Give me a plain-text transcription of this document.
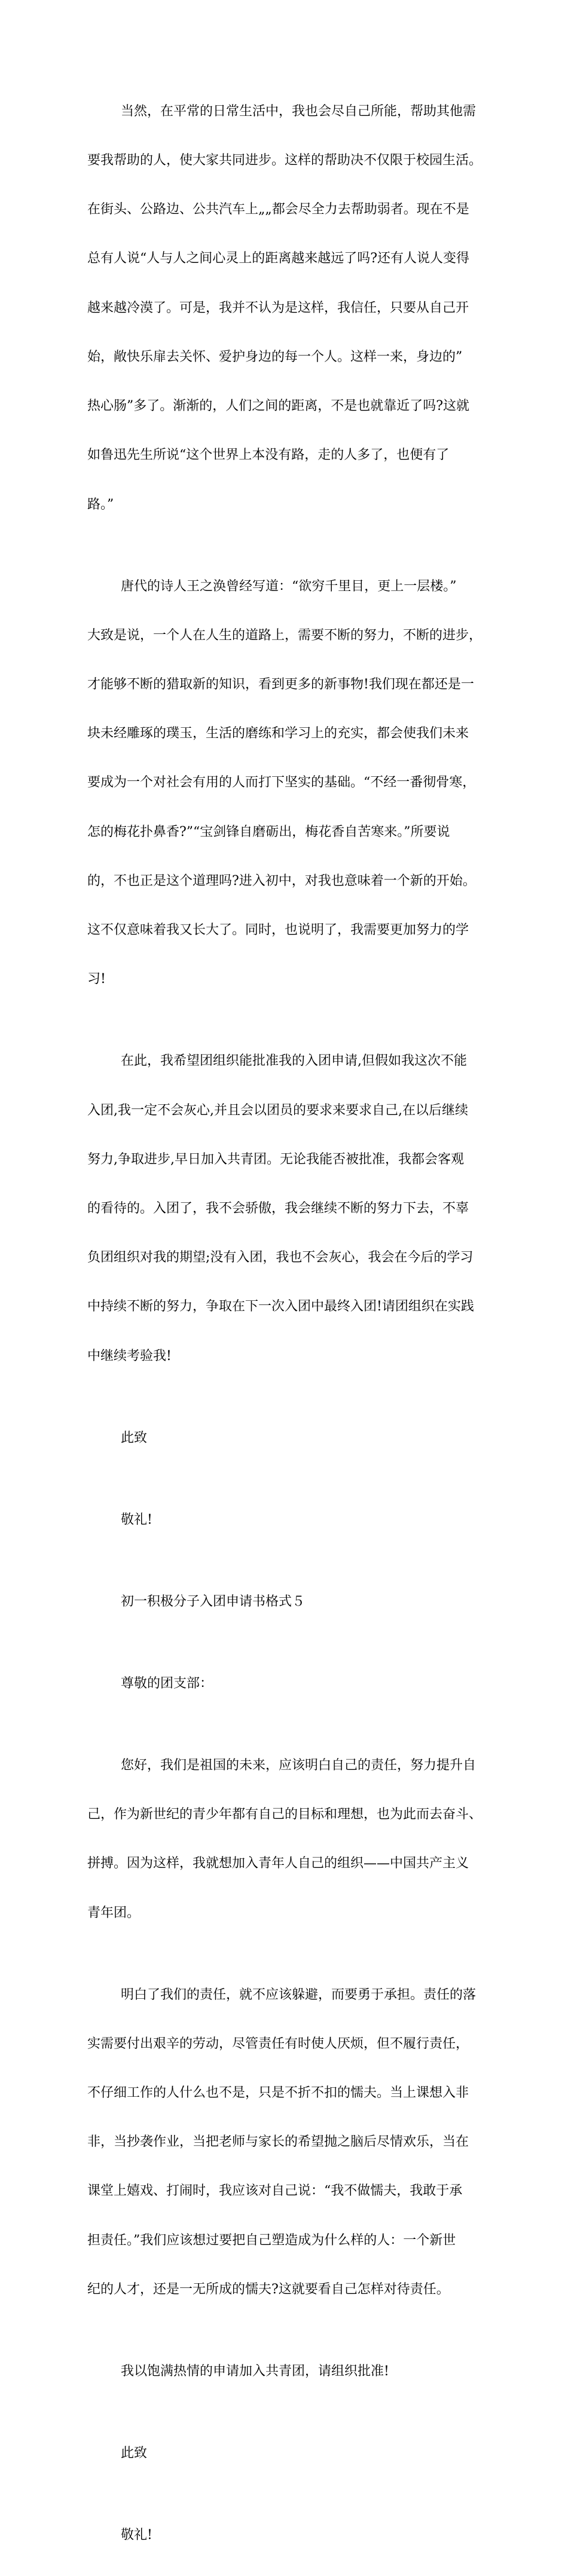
当然，在平常的日常生活中，我也会尽自己所能，帮助其他需

要我帮助的人，使大家共同进步。这样的帮助决不仅限于校园生活。

在街头、公路边、公共汽车上„„都会尽全力去帮助弱者。现在不是

总有人说“人与人之间心灵上的距离越来越远了吗?还有人说人变得

越来越冷漠了。可是，我并不认为是这样，我信任，只要从自己开

始，敞快乐扉去关怀、爱护身边的每一个人。这样一来，身边的”

热心肠”多了。渐渐的，人们之间的距离，不是也就靠近了吗?这就

如鲁迅先生所说“这个世界上本没有路，走的人多了，也便有了

路。”

唐代的诗人王之涣曾经写道：“欲穷千里目，更上一层楼。”

大致是说，一个人在人生的道路上，需要不断的努力，不断的进步，

才能够不断的猎取新的知识，看到更多的新事物!我们现在都还是一

块未经雕琢的璞玉，生活的磨练和学习上的充实，都会使我们未来

要成为一个对社会有用的人而打下坚实的基础。“不经一番彻骨寒，

怎的梅花扑鼻香?”“宝剑锋自磨砺出，梅花香自苦寒来。”所要说

的，不也正是这个道理吗?进入初中，对我也意味着一个新的开始。

这不仅意味着我又长大了。同时，也说明了，我需要更加努力的学

习!

在此，我希望团组织能批准我的入团申请,但假如我这次不能

入团,我一定不会灰心,并且会以团员的要求来要求自己,在以后继续

努力,争取进步,早日加入共青团。无论我能否被批准，我都会客观

的看待的。入团了，我不会骄傲，我会继续不断的努力下去，不辜

负团组织对我的期望;没有入团，我也不会灰心，我会在今后的学习

中持续不断的努力，争取在下一次入团中最终入团!请团组织在实践

中继续考验我!

此致

敬礼!

初一积极分子入团申请书格式５

尊敬的团支部：

您好，我们是祖国的未来，应该明白自己的责任，努力提升自

己，作为新世纪的青少年都有自己的目标和理想，也为此而去奋斗、

拼搏。因为这样，我就想加入青年人自己的组织——中国共产主义

青年团。

明白了我们的责任，就不应该躲避，而要勇于承担。责任的落

实需要付出艰辛的劳动，尽管责任有时使人厌烦，但不履行责任，

不仔细工作的人什么也不是，只是不折不扣的懦夫。当上课想入非

非，当抄袭作业，当把老师与家长的希望抛之脑后尽情欢乐，当在

课堂上嬉戏、打闹时，我应该对自己说：“我不做懦夫，我敢于承

担责任。”我们应该想过要把自己塑造成为什么样的人：一个新世

纪的人才，还是一无所成的懦夫?这就要看自己怎样对待责任。

我以饱满热情的申请加入共青团，请组织批准!

此致

敬礼!
